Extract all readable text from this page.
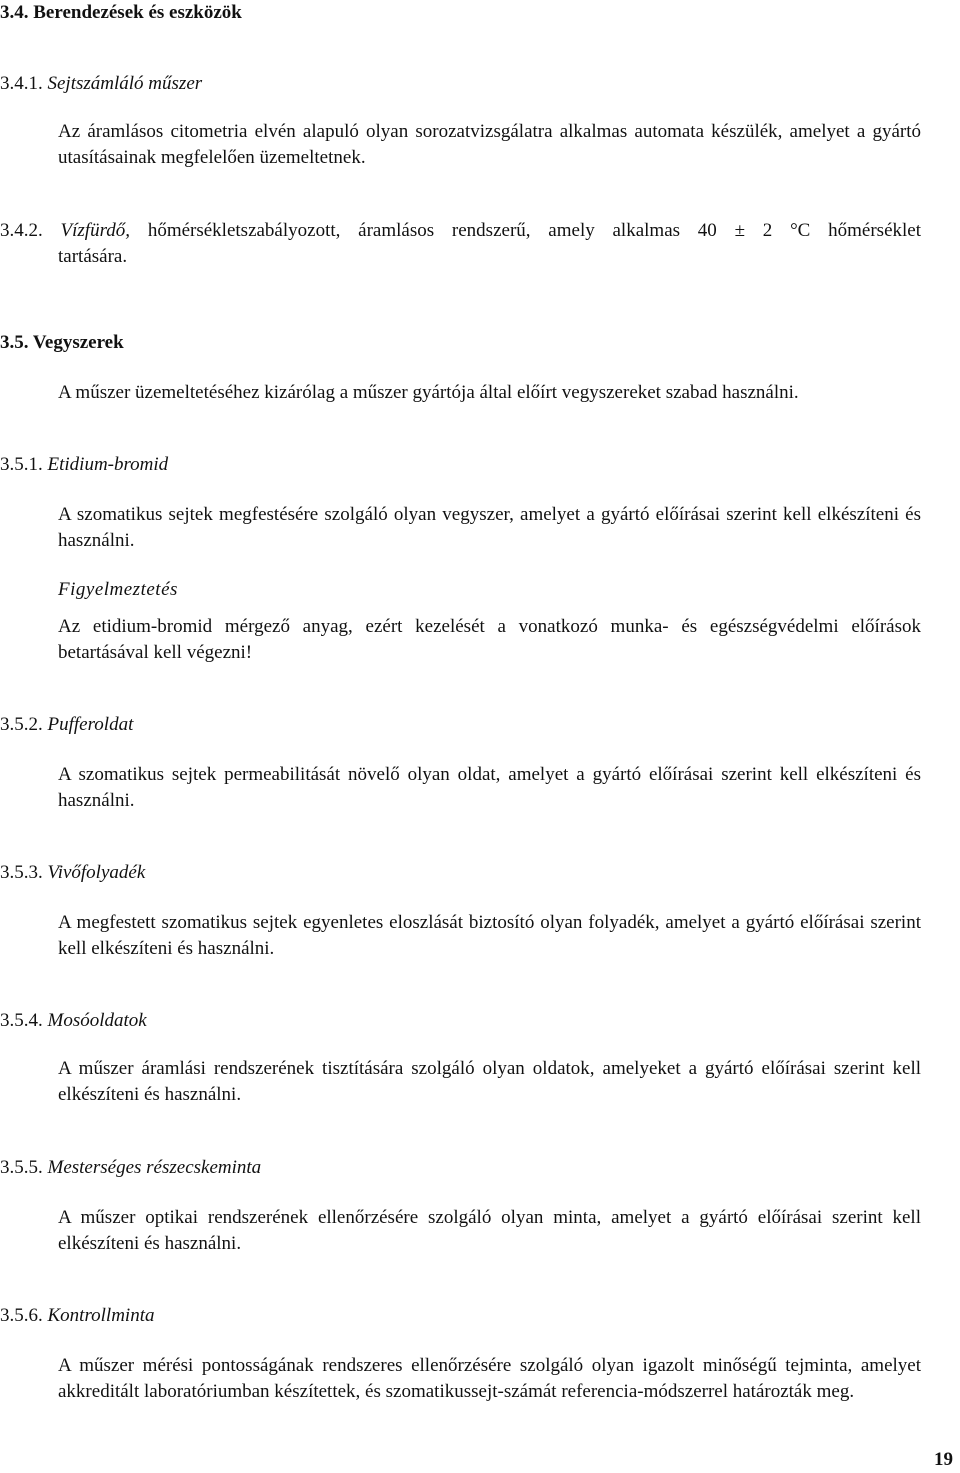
3.4. Berendezések és eszközök
3.4.1. Sejtszámláló műszer
Az áramlásos citometria elvén alapuló olyan sorozatvizsgálatra alkalmas automata készülék, amelyet a gyártó utasításainak megfelelően üzemeltetnek.
3.4.2. Vízfürdő, hőmérsékletszabályozott, áramlásos rendszerű, amely alkalmas 40 ± 2 °C hőmérséklet
tartására.
3.5. Vegyszerek
A műszer üzemeltetéséhez kizárólag a műszer gyártója által előírt vegyszereket szabad használni.
3.5.1. Etidium-bromid
A szomatikus sejtek megfestésére szolgáló olyan vegyszer, amelyet a gyártó előírásai szerint kell elkészíteni és használni.
Figyelmeztetés
Az etidium-bromid mérgező anyag, ezért kezelését a vonatkozó munka- és egészségvédelmi előírások betartásával kell végezni!
3.5.2. Pufferoldat
A szomatikus sejtek permeabilitását növelő olyan oldat, amelyet a gyártó előírásai szerint kell elkészíteni és használni.
3.5.3. Vivőfolyadék
A megfestett szomatikus sejtek egyenletes eloszlását biztosító olyan folyadék, amelyet a gyártó előírásai szerint kell elkészíteni és használni.
3.5.4. Mosóoldatok
A műszer áramlási rendszerének tisztítására szolgáló olyan oldatok, amelyeket a gyártó előírásai szerint kell elkészíteni és használni.
3.5.5. Mesterséges részecskeminta
A műszer optikai rendszerének ellenőrzésére szolgáló olyan minta, amelyet a gyártó előírásai szerint kell elkészíteni és használni.
3.5.6. Kontrollminta
A műszer mérési pontosságának rendszeres ellenőrzésére szolgáló olyan igazolt minőségű tejminta, amelyet akkreditált laboratóriumban készítettek, és szomatikussejt-számát referencia-módszerrel határozták meg.
19
